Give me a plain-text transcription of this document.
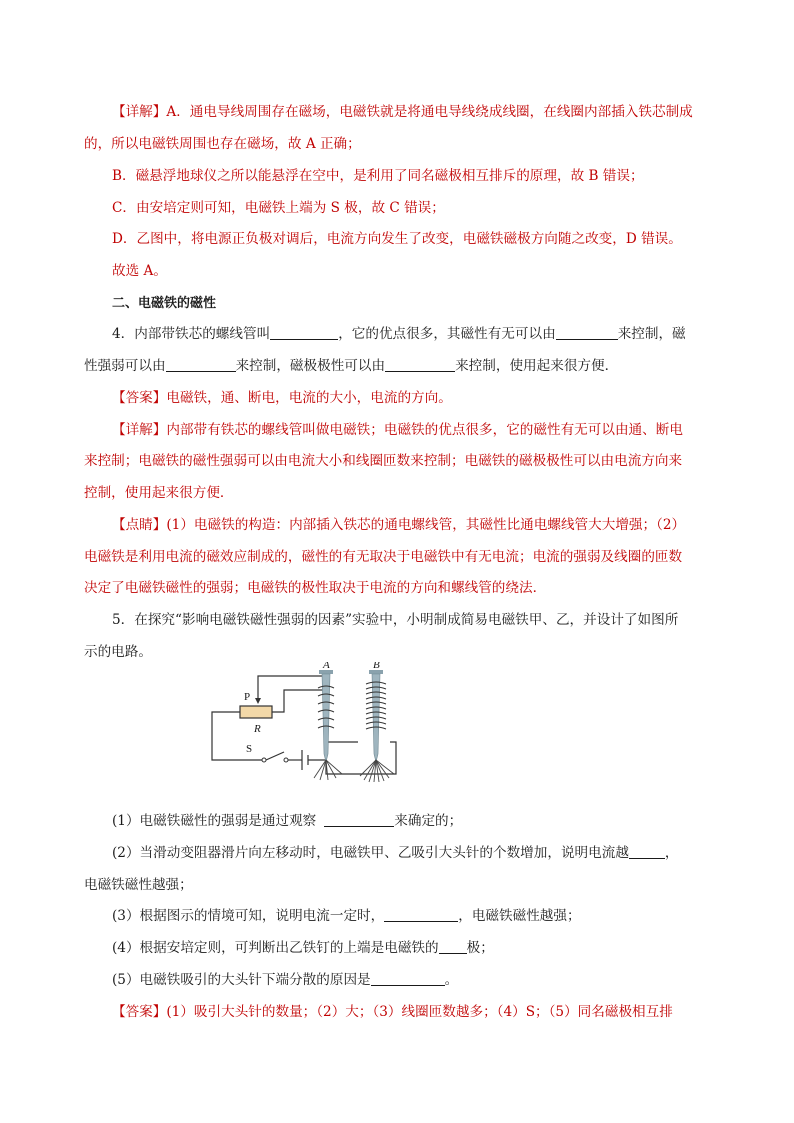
【详解】A．通电导线周围存在磁场，电磁铁就是将通电导线绕成线圈，在线圈内部插入铁芯制成
的，所以电磁铁周围也存在磁场，故 A 正确；
B．磁悬浮地球仪之所以能悬浮在空中，是利用了同名磁极相互排斥的原理，故 B 错误；
C．由安培定则可知，电磁铁上端为 S 极，故 C 错误；
D．乙图中，将电源正负极对调后，电流方向发生了改变，电磁铁磁极方向随之改变，D 错误。
故选 A。
二、电磁铁的磁性
4．内部带铁芯的螺线管叫	，它的优点很多，其磁性有无可以由	来控制，磁
性强弱可以由	来控制，磁极极性可以由	来控制，使用起来很方便．
【答案】电磁铁，通、断电，电流的大小，电流的方向。
【详解】内部带有铁芯的螺线管叫做电磁铁；电磁铁的优点很多，它的磁性有无可以由通、断电
来控制；电磁铁的磁性强弱可以由电流大小和线圈匝数来控制；电磁铁的磁极极性可以由电流方向来
控制，使用起来很方便．
【点睛】(1）电磁铁的构造：内部插入铁芯的通电螺线管，其磁性比通电螺线管大大增强；（2）
电磁铁是利用电流的磁效应制成的，磁性的有无取决于电磁铁中有无电流；电流的强弱及线圈的匝数
决定了电磁铁磁性的强弱；电磁铁的极性取决于电流的方向和螺线管的绕法．
5．在探究“影响电磁铁磁性强弱的因素”实验中，小明制成简易电磁铁甲、乙，并设计了如图所
示的电路。
(1）电磁铁磁性的强弱是通过观察	来确定的；
(2）当滑动变阻器滑片向左移动时，电磁铁甲、乙吸引大头针的个数增加，说明电流越	，
电磁铁磁性越强；
(3）根据图示的情境可知，说明电流一定时，	，电磁铁磁性越强；
(4）根据安培定则，可判断出乙铁钉的上端是电磁铁的 极；
(5）电磁铁吸引的大头针下端分散的原因是	。
【答案】(1）吸引大头针的数量；（2）大；（3）线圈匝数越多；（4）S；（5）同名磁极相互排
P
R
S
A	B
